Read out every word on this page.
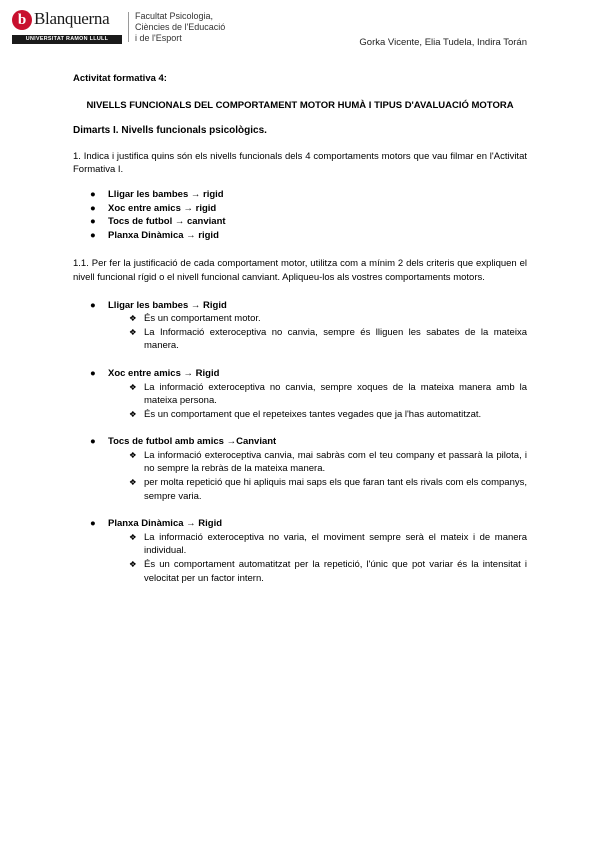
b Blanquerna
UNIVERSITAT RAMON LLULL
Facultat Psicologia,
Ciències de l'Educació
i de l'Esport	Gorka Vicente, Elia Tudela, Indira Torán

Activitat formativa 4:

NIVELLS FUNCIONALS DEL COMPORTAMENT MOTOR HUMÀ I TIPUS D'AVALUACIÓ MOTORA

Dimarts I. Nivells funcionals psicològics.

1. Indica i justifica quins són els nivells funcionals dels 4 comportaments motors que vau filmar en l'Activitat Formativa I.

● Lligar les bambes → rigid
● Xoc entre amics → rigid
● Tocs de futbol → canviant
● Planxa Dinàmica → rigid

1.1. Per fer la justificació de cada comportament motor, utilitza com a mínim 2 dels criteris que expliquen el nivell funcional rígid o el nivell funcional canviant. Apliqueu-los als vostres comportaments motors.

● Lligar les bambes → Rigid
❖ És un comportament motor.
❖ La Informació exteroceptiva no canvia, sempre és lliguen les sabates de la mateixa manera.
● Xoc entre amics → Rigid
❖ La informació exteroceptiva no canvia, sempre xoques de la mateixa manera amb la mateixa persona.
❖ És un comportament que el repeteixes tantes vegades que ja l'has automatitzat.
● Tocs de futbol amb amics →Canviant
❖ La informació exteroceptiva canvia, mai sabràs com el teu company et passarà la pilota, i no sempre la rebràs de la mateixa manera.
❖ per molta repetició que hi apliquis mai saps els que faran tant els rivals com els companys, sempre varia.
● Planxa Dinàmica → Rigid
❖ La informació exteroceptiva no varia, el moviment sempre serà el mateix i de manera individual.
❖ És un comportament automatitzat per la repetició, l'únic que pot variar és la intensitat i velocitat per un factor intern.
